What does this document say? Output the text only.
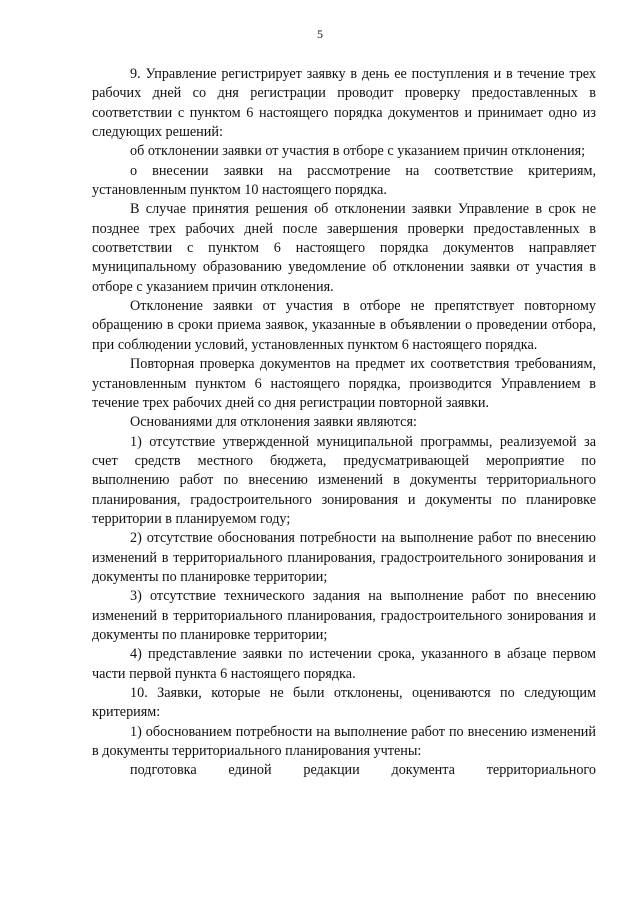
5

9. Управление регистрирует заявку в день ее поступления и в течение трех рабочих дней со дня регистрации проводит проверку предоставленных в соответствии с пунктом 6 настоящего порядка документов и принимает одно из следующих решений:

об отклонении заявки от участия в отборе с указанием причин отклонения;

о внесении заявки на рассмотрение на соответствие критериям, установленным пунктом 10 настоящего порядка.

В случае принятия решения об отклонении заявки Управление в срок не позднее трех рабочих дней после завершения проверки предоставленных в соответствии с пунктом 6 настоящего порядка документов направляет муниципальному образованию уведомление об отклонении заявки от участия в отборе с указанием причин отклонения.

Отклонение заявки от участия в отборе не препятствует повторному обращению в сроки приема заявок, указанные в объявлении о проведении отбора, при соблюдении условий, установленных пунктом 6 настоящего порядка.

Повторная проверка документов на предмет их соответствия требованиям, установленным пунктом 6 настоящего порядка, производится Управлением в течение трех рабочих дней со дня регистрации повторной заявки.

Основаниями для отклонения заявки являются:

1) отсутствие утвержденной муниципальной программы, реализуемой за счет средств местного бюджета, предусматривающей мероприятие по выполнению работ по внесению изменений в документы территориального планирования, градостроительного зонирования и документы по планировке территории в планируемом году;

2) отсутствие обоснования потребности на выполнение работ по внесению изменений в территориального планирования, градостроительного зонирования и документы по планировке территории;

3) отсутствие технического задания на выполнение работ по внесению изменений в территориального планирования, градостроительного зонирования и документы по планировке территории;

4) представление заявки по истечении срока, указанного в абзаце первом части первой пункта 6 настоящего порядка.

10. Заявки, которые не были отклонены, оцениваются по следующим критериям:

1) обоснованием потребности на выполнение работ по внесению изменений в документы территориального планирования учтены:

подготовка единой редакции документа территориального
